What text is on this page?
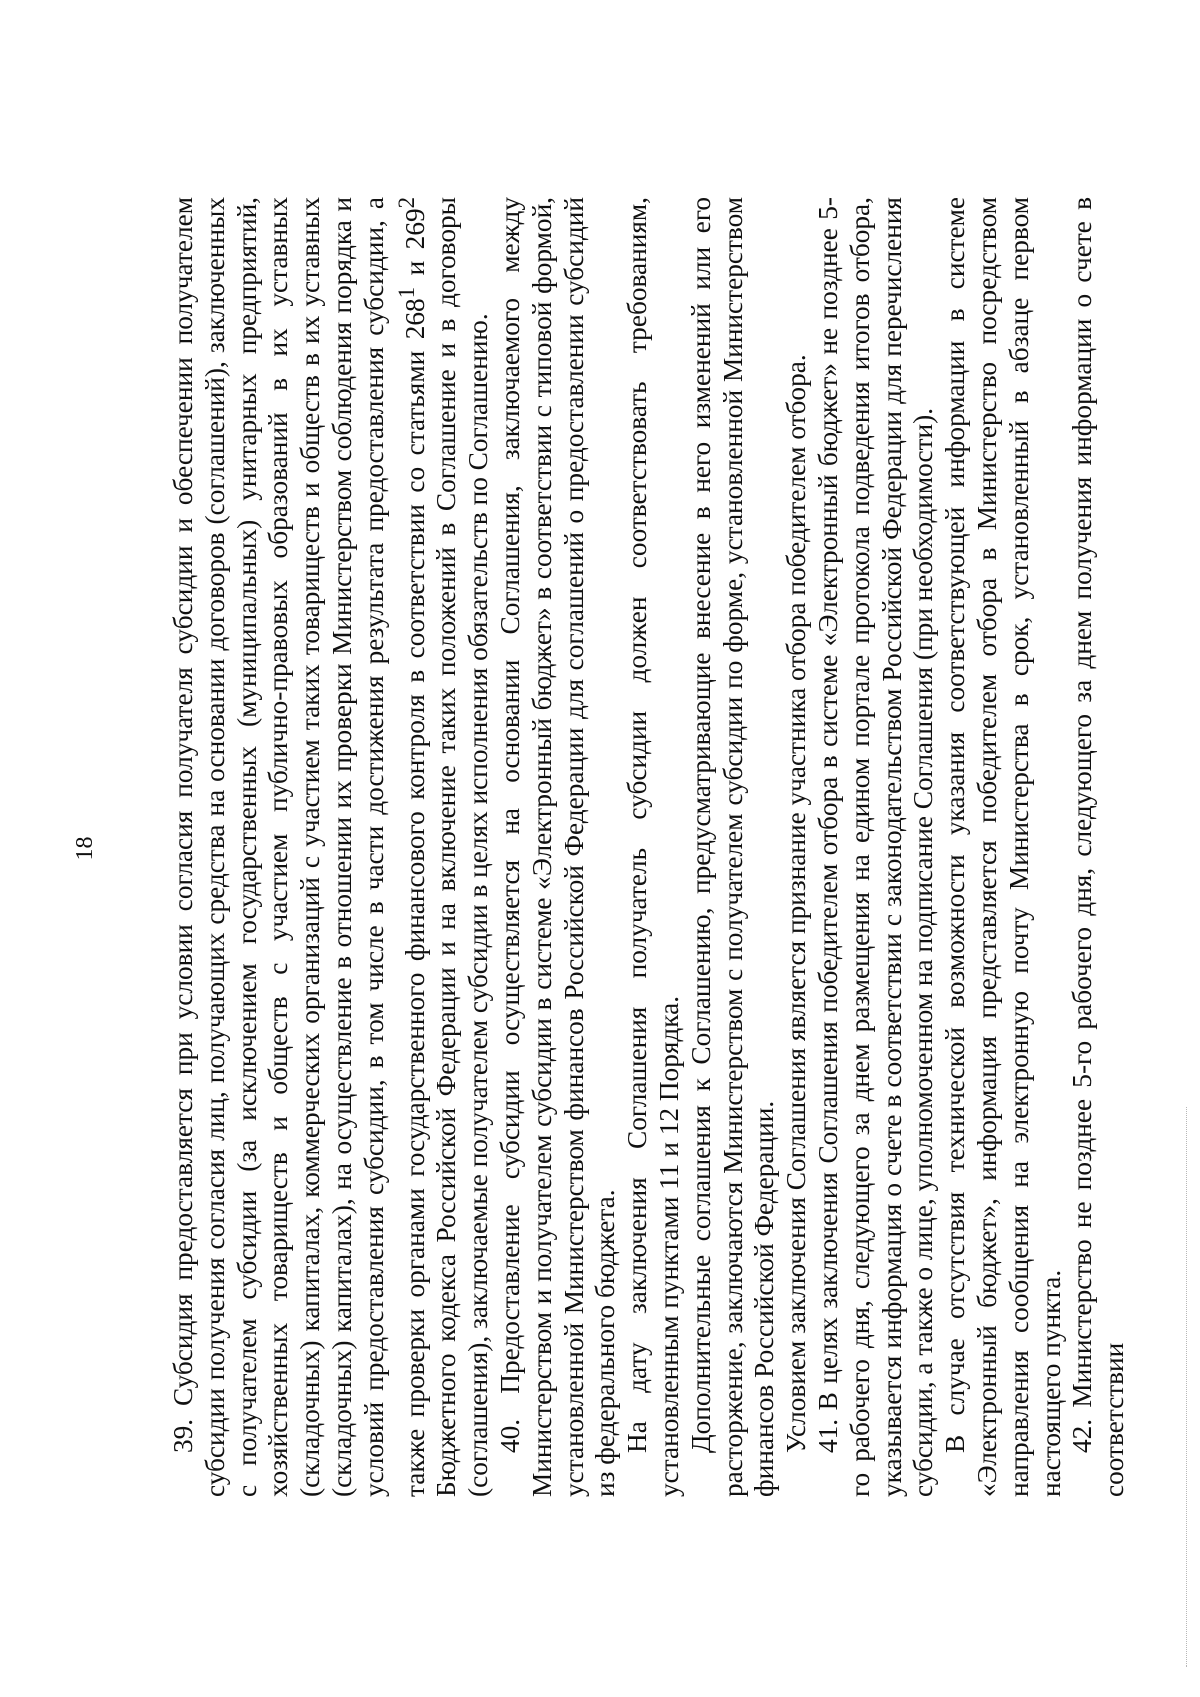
18	39. Субсидия предоставляется при условии согласия получателя субсидии и обеспечении получателем субсидии получения согласия лиц, получающих средства на основании договоров (соглашений), заключенных с получателем субсидии (за исключением государственных (муниципальных) унитарных предприятий, хозяйственных товариществ и обществ с участием публично-правовых образований в их уставных (складочных) капиталах, коммерческих организаций с участием таких товариществ и обществ в их уставных (складочных) капиталах), на осуществление в отношении их проверки Министерством соблюдения порядка и условий предоставления субсидии, в том числе в части достижения результата предоставления субсидии, а также проверки органами государственного финансового контроля в соответствии со статьями $268^1$ и $269^2$ Бюджетного кодекса Российской Федерации и на включение таких положений в Соглашение и в договоры (соглашения), заключаемые получателем субсидии в целях исполнения обязательств по Соглашению. 40. Предоставление субсидии осуществляется на основании Соглашения, заключаемого между Министерством и получателем субсидии в системе «Электронный бюджет» в соответствии с типовой формой, установленной Министерством финансов Российской Федерации для соглашений о предоставлении субсидий из федерального бюджета. На дату заключения Соглашения получатель субсидии должен соответствовать требованиям, установленным пунктами 11 и 12 Порядка. Дополнительные соглашения к Соглашению, предусматривающие внесение в него изменений или его расторжение, заключаются Министерством с получателем субсидии по форме, установленной Министерством финансов Российской Федерации. Условием заключения Соглашения является признание участника отбора победителем отбора. 41. В целях заключения Соглашения победителем отбора в системе «Электронный бюджет» не позднее 5-го рабочего дня, следующего за днем размещения на едином портале протокола подведения итогов отбора, указывается информация о счете в соответствии с законодательством Российской Федерации для перечисления субсидии, а также о лице, уполномоченном на подписание Соглашения (при необходимости). В случае отсутствия технической возможности указания соответствующей информации в системе «Электронный бюджет», информация представляется победителем отбора в Министерство посредством направления сообщения на электронную почту Министерства в срок, установленный в абзаце первом настоящего пункта. 42. Министерство не позднее 5-го рабочего дня, следующего за днем получения информации о счете в соответствии
